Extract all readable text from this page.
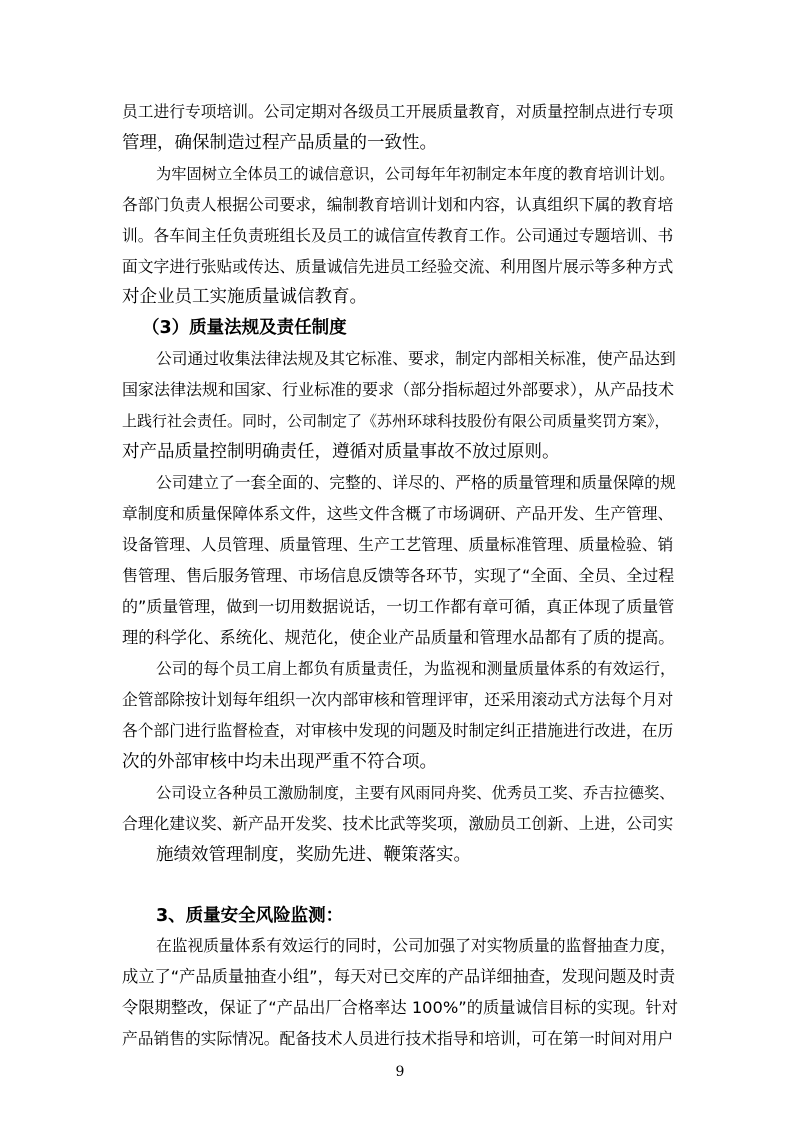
员工进行专项培训。公司定期对各级员工开展质量教育，对质量控制点进行专项
管理，确保制造过程产品质量的一致性。
为牢固树立全体员工的诚信意识，公司每年年初制定本年度的教育培训计划。
各部门负责人根据公司要求，编制教育培训计划和内容，认真组织下属的教育培
训。各车间主任负责班组长及员工的诚信宣传教育工作。公司通过专题培训、书
面文字进行张贴或传达、质量诚信先进员工经验交流、利用图片展示等多种方式
对企业员工实施质量诚信教育。
（3）质量法规及责任制度
公司通过收集法律法规及其它标准、要求，制定内部相关标准，使产品达到
国家法律法规和国家、行业标准的要求（部分指标超过外部要求），从产品技术
上践行社会责任。同时，公司制定了《苏州环球科技股份有限公司质量奖罚方案》，
对产品质量控制明确责任，遵循对质量事故不放过原则。
公司建立了一套全面的、完整的、详尽的、严格的质量管理和质量保障的规
章制度和质量保障体系文件，这些文件含概了市场调研、产品开发、生产管理、
设备管理、人员管理、质量管理、生产工艺管理、质量标准管理、质量检验、销
售管理、售后服务管理、市场信息反馈等各环节，实现了“全面、全员、全过程
的”质量管理，做到一切用数据说话，一切工作都有章可循，真正体现了质量管
理的科学化、系统化、规范化，使企业产品质量和管理水品都有了质的提高。
公司的每个员工肩上都负有质量责任，为监视和测量质量体系的有效运行，
企管部除按计划每年组织一次内部审核和管理评审，还采用滚动式方法每个月对
各个部门进行监督检查，对审核中发现的问题及时制定纠正措施进行改进，在历
次的外部审核中均未出现严重不符合项。
公司设立各种员工激励制度，主要有风雨同舟奖、优秀员工奖、乔吉拉德奖、
合理化建议奖、新产品开发奖、技术比武等奖项，激励员工创新、上进，公司实
施绩效管理制度，奖励先进、鞭策落实。
3、质量安全风险监测：
在监视质量体系有效运行的同时，公司加强了对实物质量的监督抽查力度，
成立了“产品质量抽查小组”，每天对已交库的产品详细抽查，发现问题及时责
令限期整改，保证了“产品出厂合格率达 100%”的质量诚信目标的实现。针对
产品销售的实际情况。配备技术人员进行技术指导和培训，可在第一时间对用户
9
